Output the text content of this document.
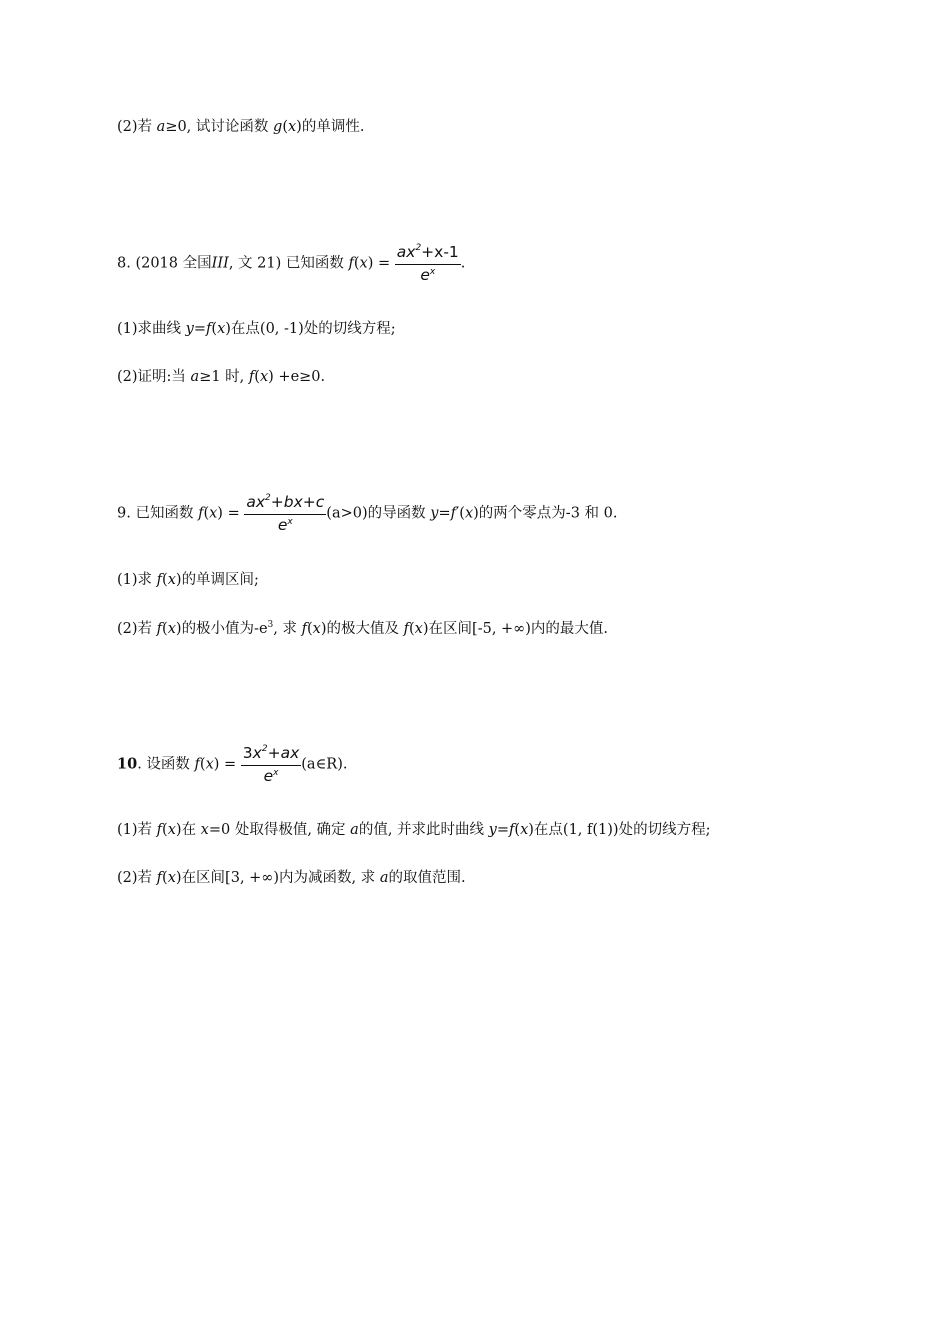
(2)若 a≥0, 试讨论函数 g(x)的单调性.
8. (2018 全国III, 文 21) 已知函数 $f(x) = \frac{ax^2+x-1}{e^x}$ .
(1)求曲线 y=f(x)在点(0, -1)处的切线方程;
(2)证明:当 a≥1 时, f(x) +e≥0.
9. 已知函数 $f(x) = \frac{ax^2+bx+c}{e^x} (a>0)$的导函数 y=f′(x)的两个零点为-3 和 0.
(1)求 f(x)的单调区间;
(2)若 f(x)的极小值为$-e^3$, 求 f(x)的极大值及 f(x)在区间[-5, +∞)内的最大值.
10. 设函数 $f(x) = \frac{3x^2+ax}{e^x}$ (a∈R).
(1)若 f(x)在 x=0 处取得极值, 确定 a的值, 并求此时曲线 y=f(x)在点(1, f(1))处的切线方程;
(2)若 f(x)在区间[3, +∞)内为减函数, 求 a的取值范围.
